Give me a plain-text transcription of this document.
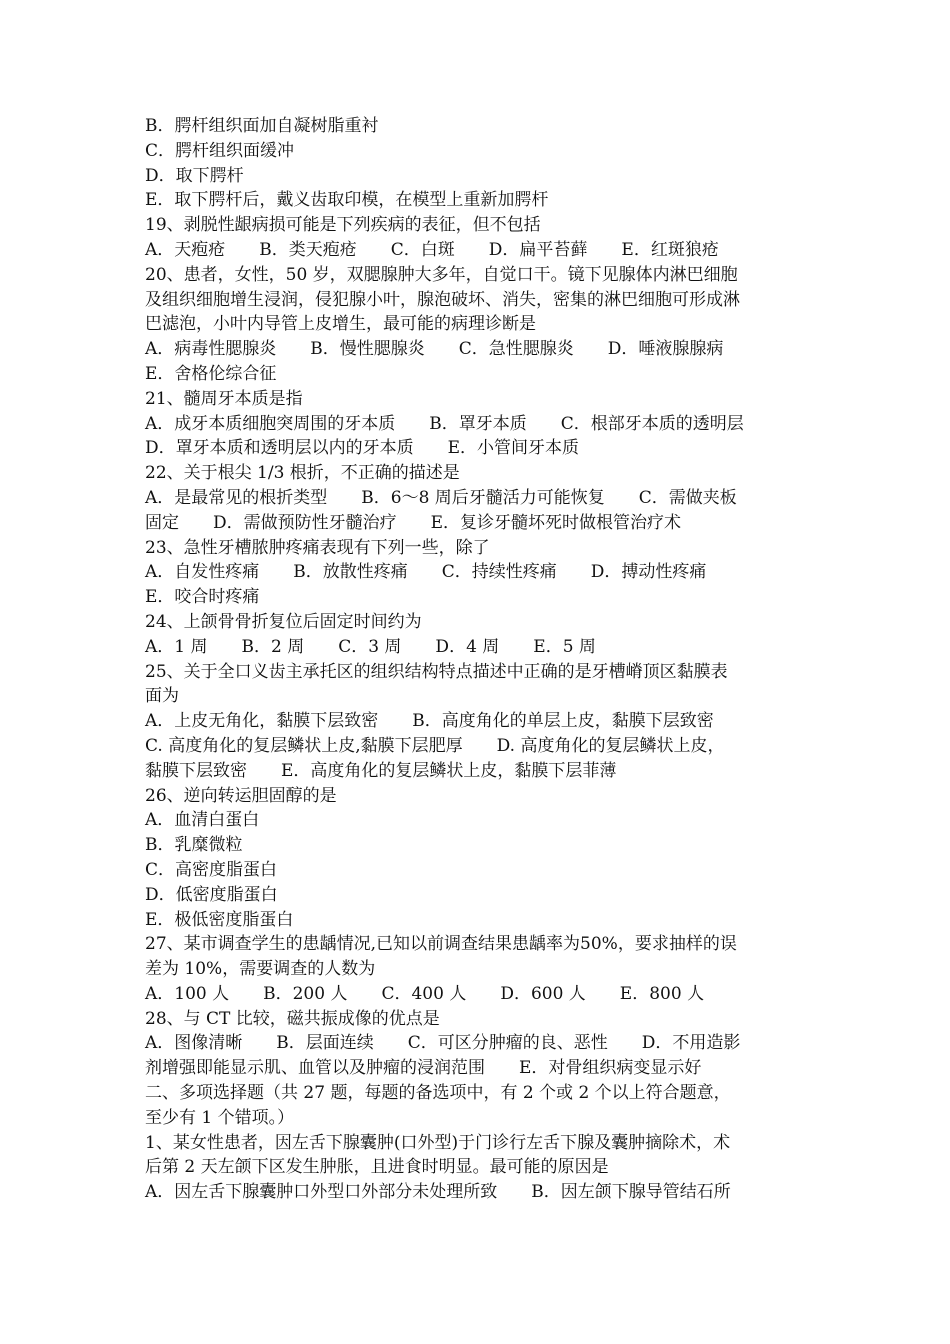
B．腭杆组织面加自凝树脂重衬
C．腭杆组织面缓冲
D．取下腭杆
E．取下腭杆后，戴义齿取印模，在模型上重新加腭杆
19、剥脱性龈病损可能是下列疾病的表征，但不包括
A．天疱疮　　B．类天疱疮　　C．白斑　　D．扁平苔藓　　E．红斑狼疮
20、患者，女性，50 岁，双腮腺肿大多年，自觉口干。镜下见腺体内淋巴细胞
及组织细胞增生浸润，侵犯腺小叶，腺泡破坏、消失，密集的淋巴细胞可形成淋
巴滤泡，小叶内导管上皮增生，最可能的病理诊断是
A．病毒性腮腺炎　　B．慢性腮腺炎　　C．急性腮腺炎　　D．唾液腺腺病
E．舍格伦综合征
21、髓周牙本质是指
A．成牙本质细胞突周围的牙本质　　B．罩牙本质　　C．根部牙本质的透明层
D．罩牙本质和透明层以内的牙本质　　E．小管间牙本质
22、关于根尖 1/3 根折，不正确的描述是
A．是最常见的根折类型　　B．6～8 周后牙髓活力可能恢复　　C．需做夹板
固定　　D．需做预防性牙髓治疗　　E．复诊牙髓坏死时做根管治疗术
23、急性牙槽脓肿疼痛表现有下列一些，除了
A．自发性疼痛　　B．放散性疼痛　　C．持续性疼痛　　D．搏动性疼痛
E．咬合时疼痛
24、上颌骨骨折复位后固定时间约为
A．1 周　　B．2 周　　C．3 周　　D．4 周　　E．5 周
25、关于全口义齿主承托区的组织结构特点描述中正确的是牙槽嵴顶区黏膜表
面为
A．上皮无角化，黏膜下层致密　　B．高度角化的单层上皮，黏膜下层致密
C. 高度角化的复层鳞状上皮,黏膜下层肥厚　　D. 高度角化的复层鳞状上皮，
黏膜下层致密　　E．高度角化的复层鳞状上皮，黏膜下层菲薄
26、逆向转运胆固醇的是
A．血清白蛋白
B．乳糜微粒
C．高密度脂蛋白
D．低密度脂蛋白
E．极低密度脂蛋白
27、某市调查学生的患龋情况,已知以前调查结果患龋率为50%，要求抽样的误
差为 10%，需要调查的人数为
A．100 人　　B．200 人　　C．400 人　　D．600 人　　E．800 人
28、与 CT 比较，磁共振成像的优点是
A．图像清晰　　B．层面连续　　C．可区分肿瘤的良、恶性　　D．不用造影
剂增强即能显示肌、血管以及肿瘤的浸润范围　　E．对骨组织病变显示好
二、多项选择题（共 27 题，每题的备选项中，有 2 个或 2 个以上符合题意，
至少有 1 个错项。）
1、某女性患者，因左舌下腺囊肿(口外型)于门诊行左舌下腺及囊肿摘除术，术
后第 2 天左颌下区发生肿胀，且进食时明显。最可能的原因是
A．因左舌下腺囊肿口外型口外部分未处理所致　　B．因左颌下腺导管结石所
